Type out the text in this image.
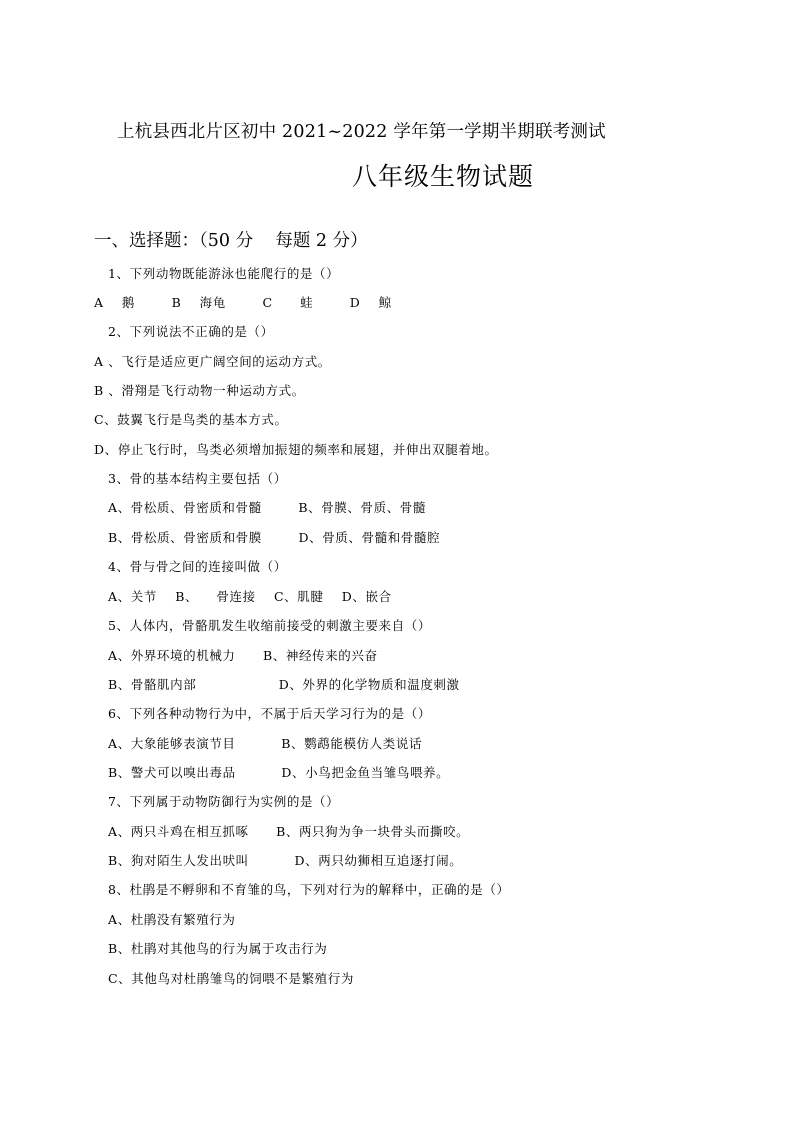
上杭县西北片区初中 2021~2022 学年第一学期半期联考测试
八年级生物试题
一、选择题：（50 分    每题 2 分）
1、下列动物既能游泳也能爬行的是（）
A    鹅        B    海龟        C      蛙        D    鲸
2、下列说法不正确的是（）
A 、飞行是适应更广阔空间的运动方式。
B 、滑翔是飞行动物一种运动方式。
C、鼓翼飞行是鸟类的基本方式。
D、停止飞行时，鸟类必须增加振翅的频率和展翅，并伸出双腿着地。
3、骨的基本结构主要包括（）
A、骨松质、骨密质和骨髓        B、骨膜、骨质、骨髓
B、骨松质、骨密质和骨膜        D、骨质、骨髓和骨髓腔
4、骨与骨之间的连接叫做（）
A、关节    B、    骨连接    C、肌腱    D、嵌合
5、人体内，骨骼肌发生收缩前接受的刺激主要来自（）
A、外界环境的机械力      B、神经传来的兴奋
B、骨骼肌内部                  D、外界的化学物质和温度刺激
6、下列各种动物行为中，不属于后天学习行为的是（）
A、大象能够表演节目          B、鹦鹉能模仿人类说话
B、警犬可以嗅出毒品          D、小鸟把金鱼当雏鸟喂养。
7、下列属于动物防御行为实例的是（）
A、两只斗鸡在相互抓啄      B、两只狗为争一块骨头而撕咬。
B、狗对陌生人发出吠叫          D、两只幼狮相互追逐打闹。
8、杜鹃是不孵卵和不育雏的鸟，下列对行为的解释中，正确的是（）
A、杜鹃没有繁殖行为
B、杜鹃对其他鸟的行为属于攻击行为
C、其他鸟对杜鹃雏鸟的饲喂不是繁殖行为
